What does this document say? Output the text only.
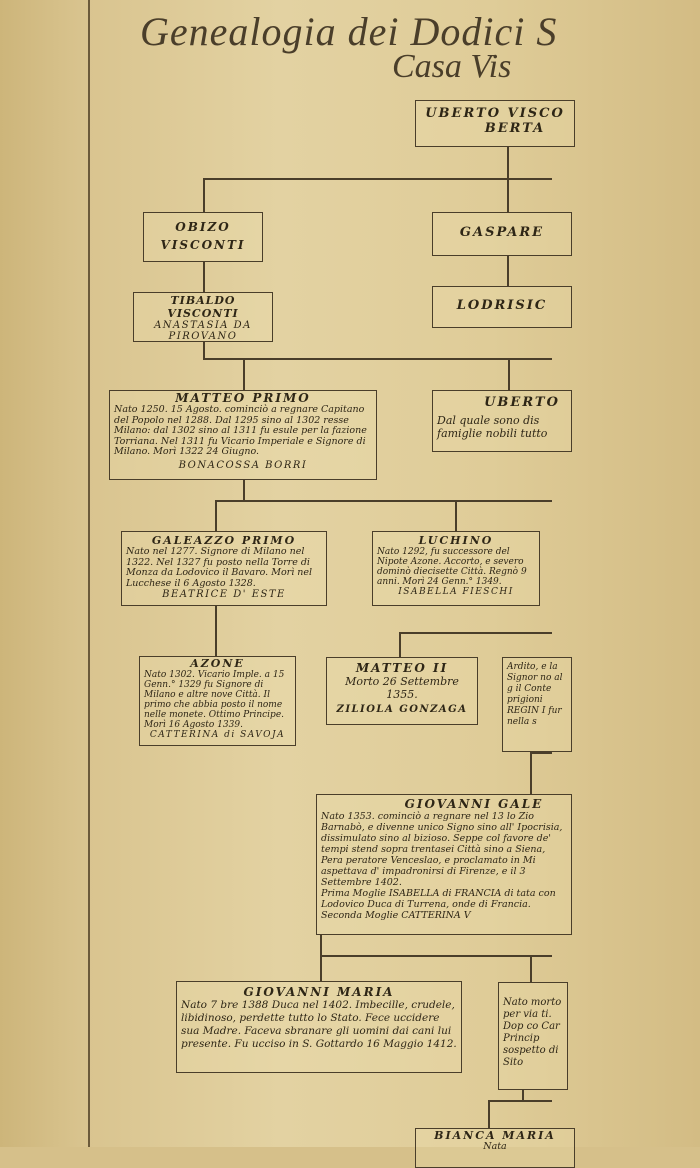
Genealogia dei Dodici S
Casa Vis
UBERTO VISCO
BERTA
OBIZO
VISCONTI
GASPARE
TIBALDO VISCONTI
ANASTASIA DA
PIROVANO
LODRISIC
MATTEO PRIMO
Nato 1250. 15 Agosto. cominciò a regnare Capitano del Popolo nel 1288. Dal 1295 sino al 1302 resse Milano: dal 1302 sino al 1311 fu esule per la fazione Torriana. Nel 1311 fu Vicario Imperiale e Signore di Milano. Morì 1322 24 Giugno.
BONACOSSA BORRI
UBERTO
Dal quale sono dis famiglie nobili tutto
GALEAZZO PRIMO
Nato nel 1277. Signore di Milano nel 1322. Nel 1327 fu posto nella Torre di Monza da Lodovico il Bavaro. Morì nel Lucchese il 6 Agosto 1328.
BEATRICE D' ESTE
LUCHINO
Nato 1292, fu successore del Nipote Azone. Accorto, e severo dominò diecisette Città. Regnò 9 anni. Morì 24 Genn.° 1349.
ISABELLA FIESCHI
AZONE
Nato 1302. Vicario Imple. a 15 Genn.° 1329 fu Signore di Milano e altre nove Città. Il primo che abbia posto il nome nelle monete. Ottimo Principe. Morì 16 Agosto 1339.
CATTERINA di SAVOJA
MATTEO II
Morto 26 Settembre 1355.
ZILIOLA GONZAGA
Ardito, e la Signor no al g il Conte prigioni REGIN I fur nella s
GIOVANNI GALE
Nato 1353. cominciò a regnare nel 13 lo Zio Barnabò, e divenne unico Signo sino all' Ipocrisia, dissimulato sino al bizioso. Seppe col favore de' tempi stend sopra trentasei Città sino a Siena, Pera peratore Venceslao, e proclamato in Mi aspettava d' impadronirsi di Firenze, e il 3 Settembre 1402.
Prima Moglie ISABELLA di FRANCIA di tata con Lodovico Duca di Turrena, onde di Francia. Seconda Moglie CATTERINA V
GIOVANNI MARIA
Nato 7 bre 1388 Duca nel 1402. Imbecille, crudele, libidinoso, perdette tutto lo Stato. Fece uccidere sua Madre. Faceva sbranare gli uomini dai cani lui presente. Fu ucciso in S. Gottardo 16 Maggio 1412.
Nato morto per via ti. Dop co Car Princip sospetto di Sito
BIANCA MARIA
Nata
